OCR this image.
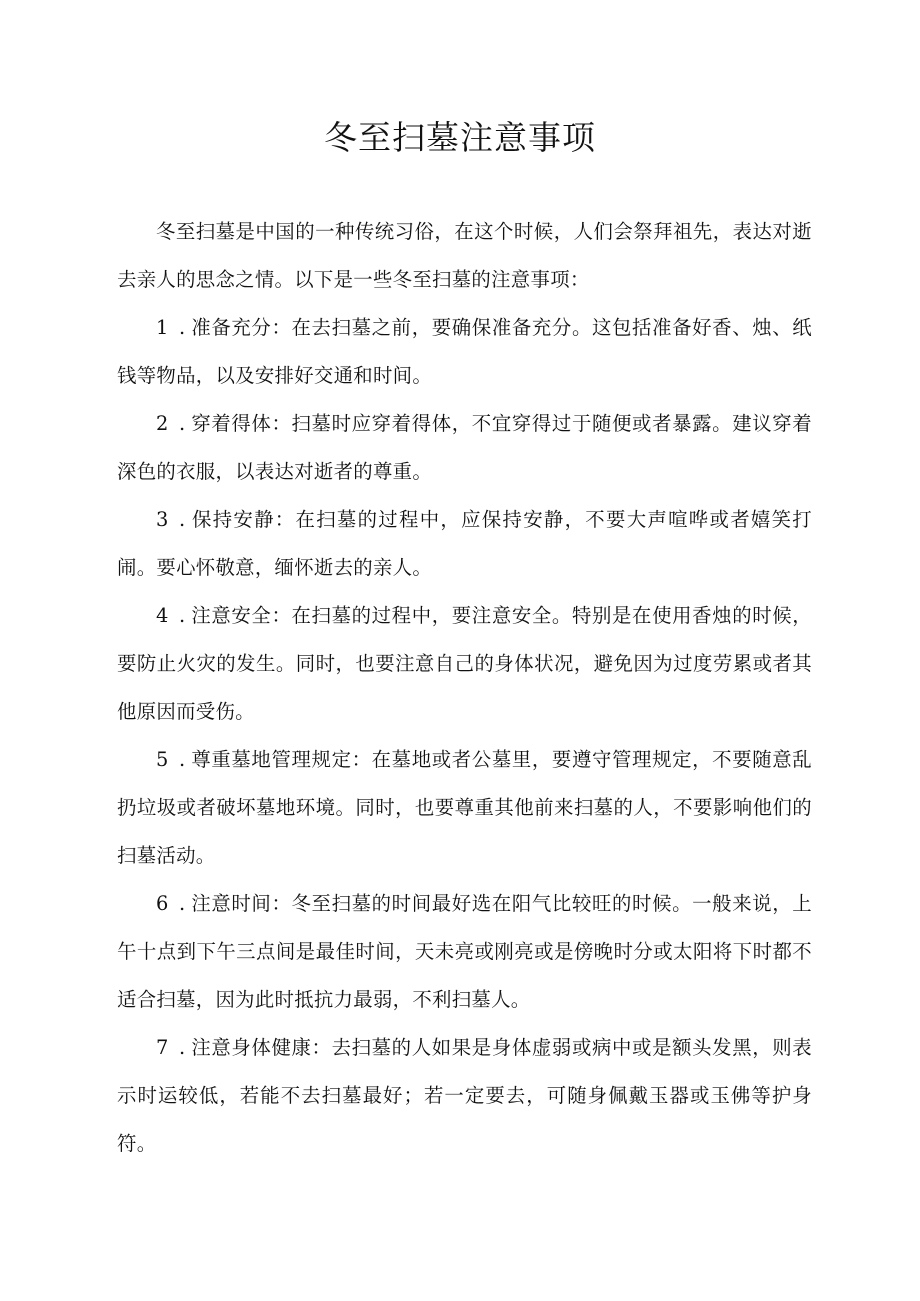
冬至扫墓注意事项

冬至扫墓是中国的一种传统习俗，在这个时候，人们会祭拜祖先，表达对逝去亲人的思念之情。以下是一些冬至扫墓的注意事项：

1 . 准备充分：在去扫墓之前，要确保准备充分。这包括准备好香、烛、纸钱等物品，以及安排好交通和时间。

2 . 穿着得体：扫墓时应穿着得体，不宜穿得过于随便或者暴露。建议穿着深色的衣服，以表达对逝者的尊重。

3 . 保持安静：在扫墓的过程中，应保持安静，不要大声喧哗或者嬉笑打闹。要心怀敬意，缅怀逝去的亲人。

4 . 注意安全：在扫墓的过程中，要注意安全。特别是在使用香烛的时候，要防止火灾的发生。同时，也要注意自己的身体状况，避免因为过度劳累或者其他原因而受伤。

5 . 尊重墓地管理规定：在墓地或者公墓里，要遵守管理规定，不要随意乱扔垃圾或者破坏墓地环境。同时，也要尊重其他前来扫墓的人，不要影响他们的扫墓活动。

6 . 注意时间：冬至扫墓的时间最好选在阳气比较旺的时候。一般来说，上午十点到下午三点间是最佳时间，天未亮或刚亮或是傍晚时分或太阳将下时都不适合扫墓，因为此时抵抗力最弱，不利扫墓人。

7 . 注意身体健康：去扫墓的人如果是身体虚弱或病中或是额头发黑，则表示时运较低，若能不去扫墓最好；若一定要去，可随身佩戴玉器或玉佛等护身符。
